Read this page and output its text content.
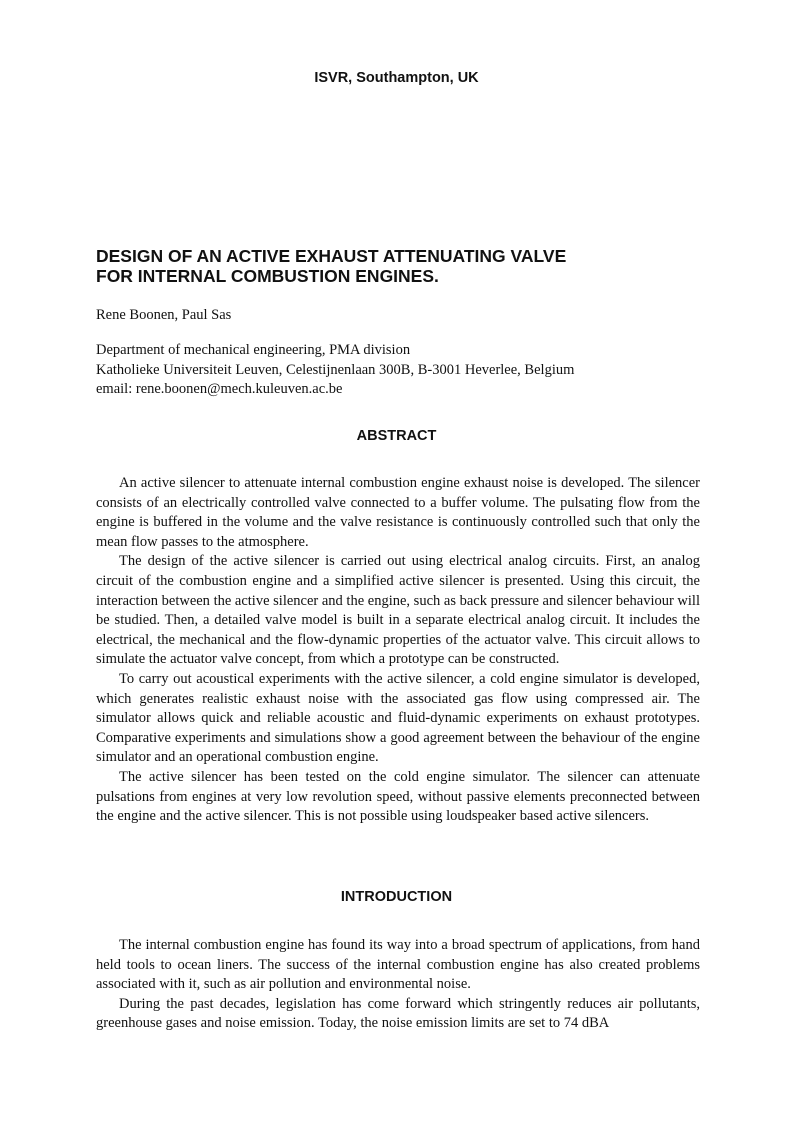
ISVR, Southampton, UK
DESIGN OF AN ACTIVE EXHAUST ATTENUATING VALVE
FOR INTERNAL COMBUSTION ENGINES.
Rene Boonen, Paul Sas
Department of mechanical engineering, PMA division
Katholieke Universiteit Leuven, Celestijnenlaan 300B, B-3001 Heverlee, Belgium
email: rene.boonen@mech.kuleuven.ac.be
ABSTRACT

An active silencer to attenuate internal combustion engine exhaust noise is developed. The silencer consists of an electrically controlled valve connected to a buffer volume. The pulsating flow from the engine is buffered in the volume and the valve resistance is continuously controlled such that only the mean flow passes to the atmosphere.

The design of the active silencer is carried out using electrical analog circuits. First, an analog circuit of the combustion engine and a simplified active silencer is presented. Using this circuit, the interaction between the active silencer and the engine, such as back pressure and silencer behaviour will be studied. Then, a detailed valve model is built in a separate electrical analog circuit. It includes the electrical, the mechanical and the flow-dynamic properties of the actuator valve. This circuit allows to simulate the actuator valve concept, from which a prototype can be constructed.

To carry out acoustical experiments with the active silencer, a cold engine simulator is developed, which generates realistic exhaust noise with the associated gas flow using compressed air. The simulator allows quick and reliable acoustic and fluid-dynamic experiments on exhaust prototypes. Comparative experiments and simulations show a good agreement between the behaviour of the engine simulator and an operational combustion engine.

The active silencer has been tested on the cold engine simulator. The silencer can attenuate pulsations from engines at very low revolution speed, without passive elements preconnected between the engine and the active silencer. This is not possible using loudspeaker based active silencers.

INTRODUCTION

The internal combustion engine has found its way into a broad spectrum of applications, from hand held tools to ocean liners. The success of the internal combustion engine has also created problems associated with it, such as air pollution and environmental noise.

During the past decades, legislation has come forward which stringently reduces air pollutants, greenhouse gases and noise emission. Today, the noise emission limits are set to 74 dBA
